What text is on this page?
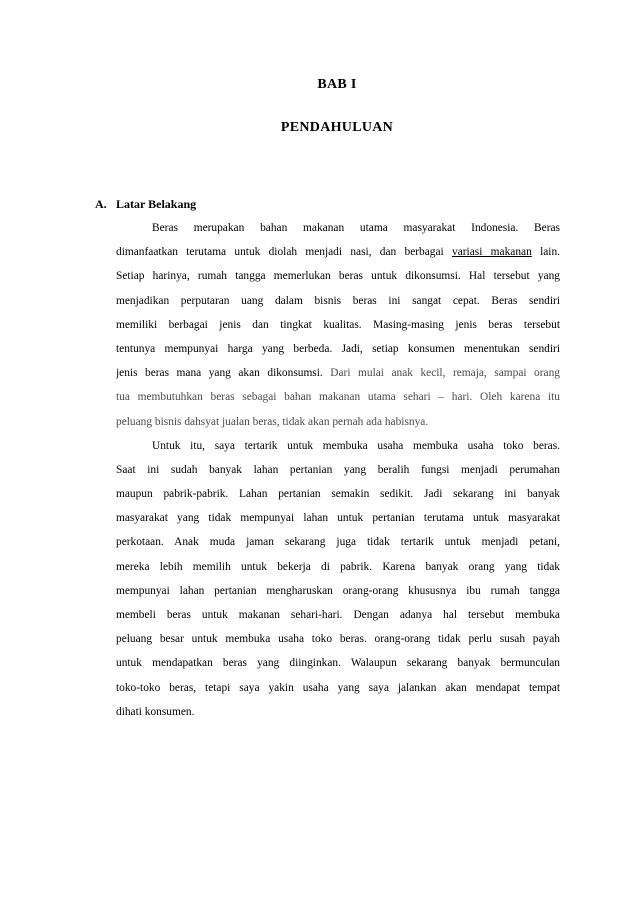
BAB I
PENDAHULUAN
A. Latar Belakang
Beras merupakan bahan makanan utama masyarakat Indonesia. Beras
dimanfaatkan terutama untuk diolah menjadi nasi, dan berbagai variasi makanan lain.
Setiap harinya, rumah tangga memerlukan beras untuk dikonsumsi. Hal tersebut yang
menjadikan perputaran uang dalam bisnis beras ini sangat cepat. Beras sendiri
memiliki berbagai jenis dan tingkat kualitas. Masing-masing jenis beras tersebut
tentunya mempunyai harga yang berbeda. Jadi, setiap konsumen menentukan sendiri
jenis beras mana yang akan dikonsumsi. Dari mulai anak kecil, remaja, sampai orang
tua membutuhkan beras sebagai bahan makanan utama sehari – hari. Oleh karena itu
peluang bisnis dahsyat jualan beras, tidak akan pernah ada habisnya.
Untuk itu, saya tertarik untuk membuka usaha membuka usaha toko beras.
Saat ini sudah banyak lahan pertanian yang beralih fungsi menjadi perumahan
maupun pabrik-pabrik. Lahan pertanian semakin sedikit. Jadi sekarang ini banyak
masyarakat yang tidak mempunyai lahan untuk pertanian terutama untuk masyarakat
perkotaan. Anak muda jaman sekarang juga tidak tertarik untuk menjadi petani,
mereka lebih memilih untuk bekerja di pabrik. Karena banyak orang yang tidak
mempunyai lahan pertanian mengharuskan orang-orang khususnya ibu rumah tangga
membeli beras untuk makanan sehari-hari. Dengan adanya hal tersebut membuka
peluang besar untuk membuka usaha toko beras. orang-orang tidak perlu susah payah
untuk mendapatkan beras yang diinginkan. Walaupun sekarang banyak bermunculan
toko-toko beras, tetapi saya yakin usaha yang saya jalankan akan mendapat tempat
dihati konsumen.
